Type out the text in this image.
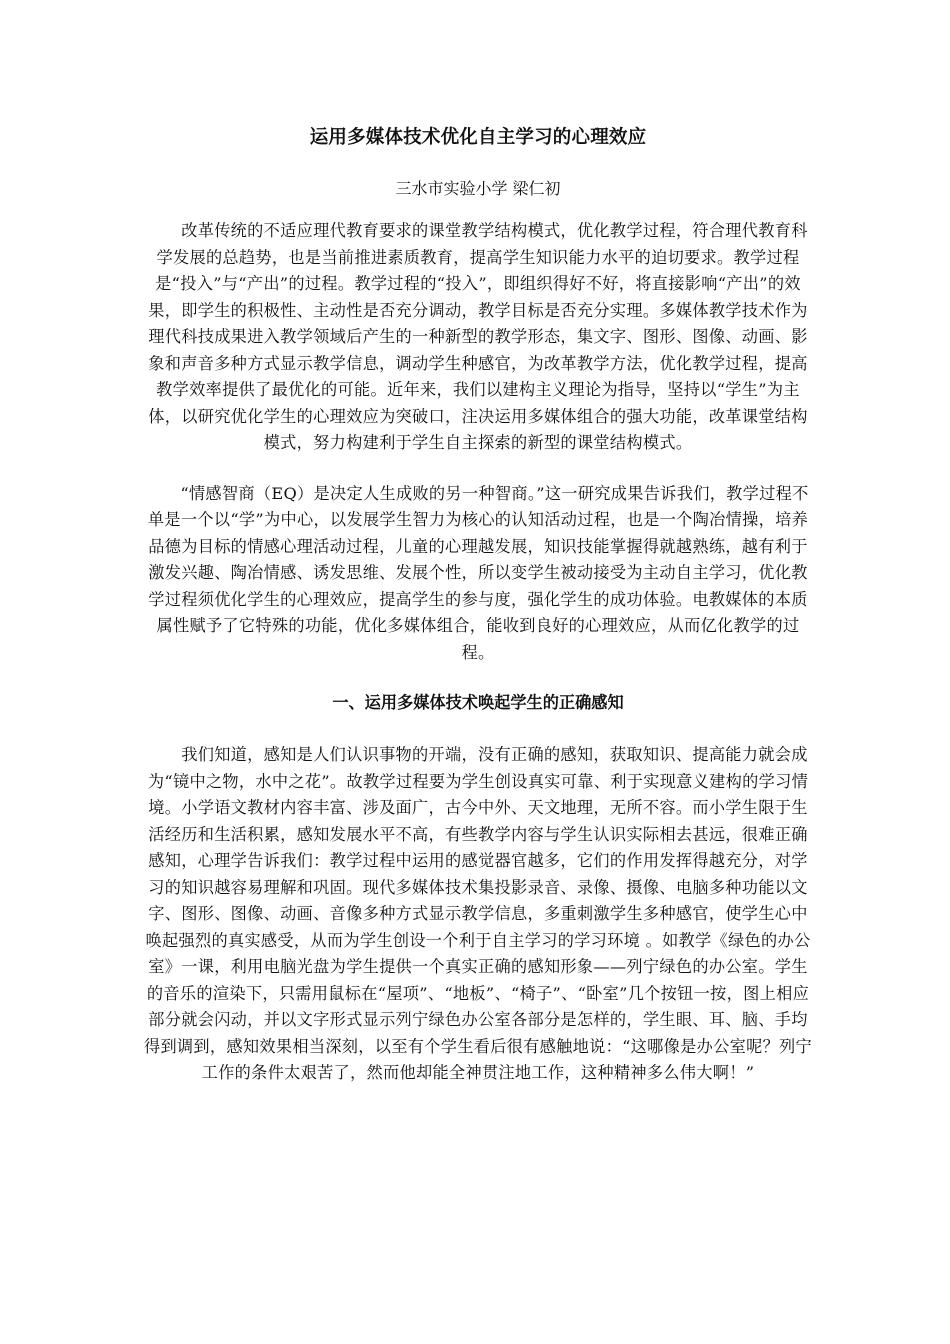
运用多媒体技术优化自主学习的心理效应

三水市实验小学 梁仁初

　　改革传统的不适应理代教育要求的课堂教学结构模式，优化教学过程，符合理代教育科学发展的总趋势，也是当前推进素质教育，提高学生知识能力水平的迫切要求。教学过程是“投入”与“产出”的过程。教学过程的“投入”，即组织得好不好，将直接影响“产出”的效果，即学生的积极性、主动性是否充分调动，教学目标是否充分实理。多媒体教学技术作为理代科技成果进入教学领域后产生的一种新型的教学形态，集文字、图形、图像、动画、影象和声音多种方式显示教学信息，调动学生种感官，为改革教学方法，优化教学过程，提高教学效率提供了最优化的可能。近年来，我们以建构主义理论为指导，坚持以“学生”为主体，以研究优化学生的心理效应为突破口，注决运用多媒体组合的强大功能，改革课堂结构模式，努力构建利于学生自主探索的新型的课堂结构模式。

　　“情感智商（EQ）是决定人生成败的另一种智商。”这一研究成果告诉我们，教学过程不单是一个以“学”为中心，以发展学生智力为核心的认知活动过程，也是一个陶冶情操，培养品德为目标的情感心理活动过程，儿童的心理越发展，知识技能掌握得就越熟练，越有利于激发兴趣、陶冶情感、诱发思维、发展个性，所以变学生被动接受为主动自主学习，优化教学过程须优化学生的心理效应，提高学生的参与度，强化学生的成功体验。电教媒体的本质属性赋予了它特殊的功能，优化多媒体组合，能收到良好的心理效应，从而亿化教学的过程。

一、运用多媒体技术唤起学生的正确感知

　　我们知道，感知是人们认识事物的开端，没有正确的感知，获取知识、提高能力就会成为“镜中之物，水中之花”。故教学过程要为学生创设真实可靠、利于实现意义建构的学习情境。小学语文教材内容丰富、涉及面广，古今中外、天文地理，无所不容。而小学生限于生活经历和生活积累，感知发展水平不高，有些教学内容与学生认识实际相去甚远，很难正确感知，心理学告诉我们：教学过程中运用的感觉器官越多，它们的作用发挥得越充分，对学习的知识越容易理解和巩固。现代多媒体技术集投影录音、录像、摄像、电脑多种功能以文字、图形、图像、动画、音像多种方式显示教学信息，多重刺激学生多种感官，使学生心中唤起强烈的真实感受，从而为学生创设一个利于自主学习的学习环境 。如教学《绿色的办公室》一课，利用电脑光盘为学生提供一个真实正确的感知形象——列宁绿色的办公室。学生的音乐的渲染下，只需用鼠标在“屋项”、“地板”、“椅子”、“卧室”几个按钮一按，图上相应部分就会闪动，并以文字形式显示列宁绿色办公室各部分是怎样的，学生眼、耳、脑、手均得到调到，感知效果相当深刻，以至有个学生看后很有感触地说：“这哪像是办公室呢？列宁工作的条件太艰苦了，然而他却能全神贯注地工作，这种精神多么伟大啊！”
